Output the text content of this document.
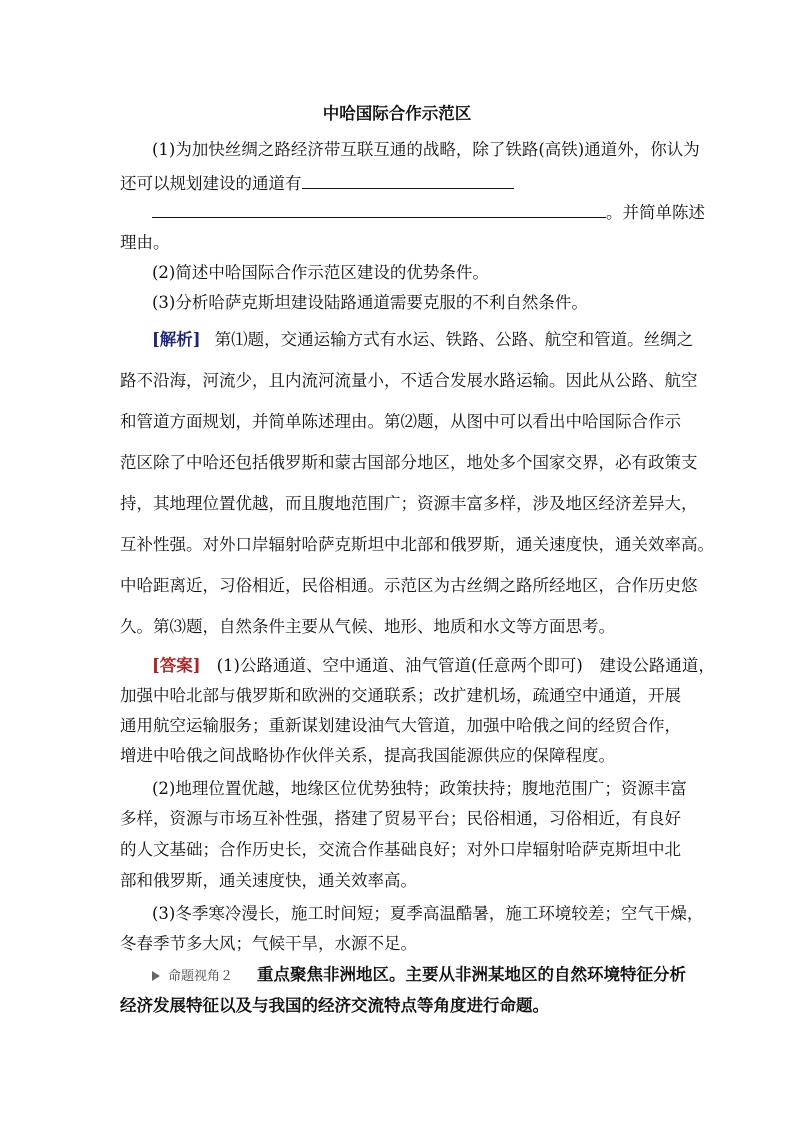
中哈国际合作示范区
(1)为加快丝绸之路经济带互联互通的战略，除了铁路(高铁)通道外，你认为
还可以规划建设的通道有
。并简单陈述
理由。
(2)简述中哈国际合作示范区建设的优势条件。
(3)分析哈萨克斯坦建设陆路通道需要克服的不利自然条件。
[解析] 第⑴题，交通运输方式有水运、铁路、公路、航空和管道。丝绸之
路不沿海，河流少，且内流河流量小，不适合发展水路运输。因此从公路、航空
和管道方面规划，并简单陈述理由。第⑵题，从图中可以看出中哈国际合作示
范区除了中哈还包括俄罗斯和蒙古国部分地区，地处多个国家交界，必有政策支
持，其地理位置优越，而且腹地范围广；资源丰富多样，涉及地区经济差异大，
互补性强。对外口岸辐射哈萨克斯坦中北部和俄罗斯，通关速度快，通关效率高。
中哈距离近，习俗相近，民俗相通。示范区为古丝绸之路所经地区，合作历史悠
久。第⑶题，自然条件主要从气候、地形、地质和水文等方面思考。
[答案] (1)公路通道、空中通道、油气管道(任意两个即可)　建设公路通道，
加强中哈北部与俄罗斯和欧洲的交通联系；改扩建机场，疏通空中通道，开展
通用航空运输服务；重新谋划建设油气大管道，加强中哈俄之间的经贸合作，
增进中哈俄之间战略协作伙伴关系，提高我国能源供应的保障程度。
(2)地理位置优越，地缘区位优势独特；政策扶持；腹地范围广；资源丰富
多样，资源与市场互补性强，搭建了贸易平台；民俗相通，习俗相近，有良好
的人文基础；合作历史长，交流合作基础良好；对外口岸辐射哈萨克斯坦中北
部和俄罗斯，通关速度快，通关效率高。
(3)冬季寒冷漫长，施工时间短；夏季高温酷暑，施工环境较差；空气干燥，
冬春季节多大风；气候干旱，水源不足。
命题视角２ 重点聚焦非洲地区。主要从非洲某地区的自然环境特征分析
经济发展特征以及与我国的经济交流特点等角度进行命题。
